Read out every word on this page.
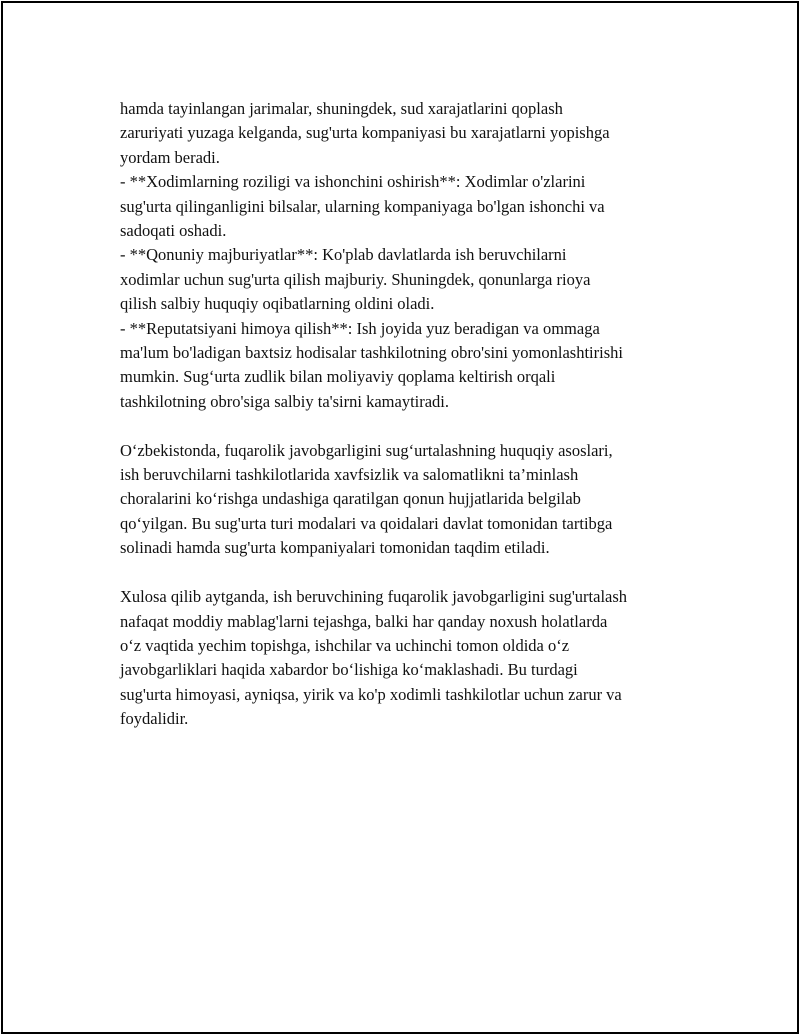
hamda tayinlangan jarimalar, shuningdek, sud xarajatlarini qoplash

zaruriyati yuzaga kelganda, sug'urta kompaniyasi bu xarajatlarni yopishga

yordam beradi.

- **Xodimlarning roziligi va ishonchini oshirish**: Xodimlar o'zlarini

sug'urta qilinganligini bilsalar, ularning kompaniyaga bo'lgan ishonchi va

sadoqati oshadi.

- **Qonuniy majburiyatlar**: Ko'plab davlatlarda ish beruvchilarni

xodimlar uchun sug'urta qilish majburiy. Shuningdek, qonunlarga rioya

qilish salbiy huquqiy oqibatlarning oldini oladi.

- **Reputatsiyani himoya qilish**: Ish joyida yuz beradigan va ommaga

ma'lum bo'ladigan baxtsiz hodisalar tashkilotning obro'sini yomonlashtirishi

mumkin. Sug‘urta zudlik bilan moliyaviy qoplama keltirish orqali

tashkilotning obro'siga salbiy ta'sirni kamaytiradi.

O‘zbekistonda, fuqarolik javobgarligini sug‘urtalashning huquqiy asoslari,

ish beruvchilarni tashkilotlarida xavfsizlik va salomatlikni ta’minlash

choralarini ko‘rishga undashiga qaratilgan qonun hujjatlarida belgilab

qo‘yilgan. Bu sug'urta turi modalari va qoidalari davlat tomonidan tartibga

solinadi hamda sug'urta kompaniyalari tomonidan taqdim etiladi.

Xulosa qilib aytganda, ish beruvchining fuqarolik javobgarligini sug'urtalash

nafaqat moddiy mablag'larni tejashga, balki har qanday noxush holatlarda

o‘z vaqtida yechim topishga, ishchilar va uchinchi tomon oldida o‘z

javobgarliklari haqida xabardor bo‘lishiga ko‘maklashadi. Bu turdagi

sug'urta himoyasi, ayniqsa, yirik va ko'p xodimli tashkilotlar uchun zarur va

foydalidir.
